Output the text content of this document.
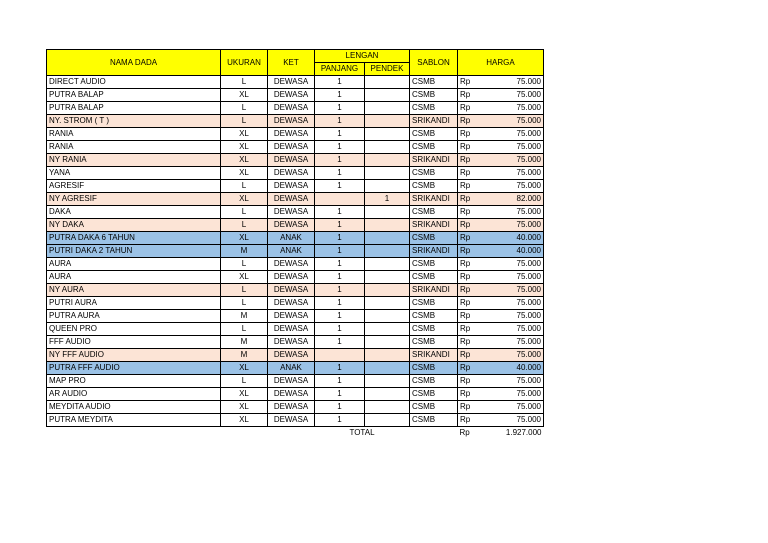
NAMA DADA	UKURAN	KET	LENGAN		SABLON	HARGA	
			PANJANG	PENDEK			
DIRECT AUDIO	L	DEWASA	1		CSMB	Rp	75.000
PUTRA BALAP	XL	DEWASA	1		CSMB	Rp	75.000
PUTRA BALAP	L	DEWASA	1		CSMB	Rp	75.000
NY. STROM ( T )	L	DEWASA	1		SRIKANDI	Rp	75.000
RANIA	XL	DEWASA	1		CSMB	Rp	75.000
RANIA	XL	DEWASA	1		CSMB	Rp	75.000
NY RANIA	XL	DEWASA	1		SRIKANDI	Rp	75.000
YANA	XL	DEWASA	1		CSMB	Rp	75.000
AGRESIF	L	DEWASA	1		CSMB	Rp	75.000
NY AGRESIF	XL	DEWASA		1	SRIKANDI	Rp	82.000
DAKA	L	DEWASA	1		CSMB	Rp	75.000
NY DAKA	L	DEWASA	1		SRIKANDI	Rp	75.000
PUTRA DAKA 6 TAHUN	XL	ANAK	1		CSMB	Rp	40.000
PUTRI DAKA 2 TAHUN	M	ANAK	1		SRIKANDI	Rp	40.000
AURA	L	DEWASA	1		CSMB	Rp	75.000
AURA	XL	DEWASA	1		CSMB	Rp	75.000
NY AURA	L	DEWASA	1		SRIKANDI	Rp	75.000
PUTRI AURA	L	DEWASA	1		CSMB	Rp	75.000
PUTRA AURA	M	DEWASA	1		CSMB	Rp	75.000
QUEEN PRO	L	DEWASA	1		CSMB	Rp	75.000
FFF AUDIO	M	DEWASA	1		CSMB	Rp	75.000
NY FFF AUDIO	M	DEWASA			SRIKANDI	Rp	75.000
PUTRA FFF AUDIO	XL	ANAK	1		CSMB	Rp	40.000
MAP PRO	L	DEWASA	1		CSMB	Rp	75.000
AR AUDIO	XL	DEWASA	1		CSMB	Rp	75.000
MEYDITA AUDIO	XL	DEWASA	1		CSMB	Rp	75.000
PUTRA MEYDITA	XL	DEWASA	1		CSMB	Rp	75.000
			TOTAL			Rp	1.927.000
